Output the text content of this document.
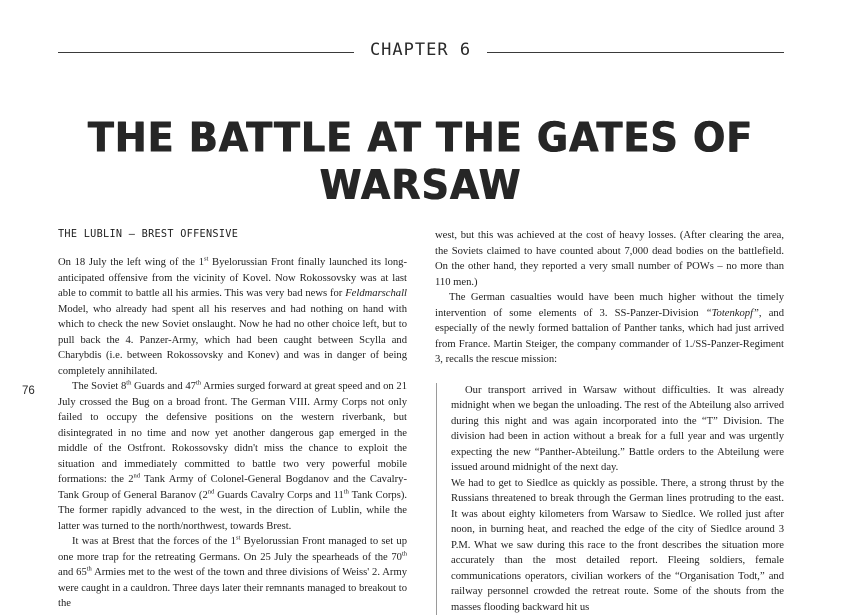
CHAPTER 6
THE BATTLE AT THE GATES OF WARSAW
76
THE LUBLIN – BREST OFFENSIVE

On 18 July the left wing of the 1st Byelorussian Front finally launched its long-anticipated offensive from the vicinity of Kovel. Now Rokossovsky was at last able to commit to battle all his armies. This was very bad news for Feldmarschall Model, who already had spent all his reserves and had nothing on hand with which to check the new Soviet onslaught. Now he had no other choice left, but to pull back the 4. Panzer-Army, which had been caught between Scylla and Charybdis (i.e. between Rokossovsky and Konev) and was in danger of being completely annihilated.

The Soviet 8th Guards and 47th Armies surged forward at great speed and on 21 July crossed the Bug on a broad front. The German VIII. Army Corps not only failed to occupy the defensive positions on the western riverbank, but disintegrated in no time and now yet another dangerous gap emerged in the middle of the Ostfront. Rokossovsky didn't miss the chance to exploit the situation and immediately committed to battle two very powerful mobile formations: the 2nd Tank Army of Colonel-General Bogdanov and the Cavalry-Tank Group of General Baranov (2nd Guards Cavalry Corps and 11th Tank Corps). The former rapidly advanced to the west, in the direction of Lublin, while the latter was turned to the north/northwest, towards Brest.

It was at Brest that the forces of the 1st Byelorussian Front managed to set up one more trap for the retreating Germans. On 25 July the spearheads of the 70th and 65th Armies met to the west of the town and three divisions of Weiss' 2. Army were caught in a cauldron. Three days later their remnants managed to breakout to the

west, but this was achieved at the cost of heavy losses. (After clearing the area, the Soviets claimed to have counted about 7,000 dead bodies on the battlefield. On the other hand, they reported a very small number of POWs – no more than 110 men.)

The German casualties would have been much higher without the timely intervention of some elements of 3. SS-Panzer-Division “Totenkopf”, and especially of the newly formed battalion of Panther tanks, which had just arrived from France. Martin Steiger, the company commander of 1./SS-Panzer-Regiment 3, recalls the rescue mission:

Our transport arrived in Warsaw without difficulties. It was already midnight when we began the unloading. The rest of the Abteilung also arrived during this night and was again incorporated into the “T” Division. The division had been in action without a break for a full year and was urgently expecting the new “Panther-Abteilung.” Battle orders to the Abteilung were issued around midnight of the next day.

We had to get to Siedlce as quickly as possible. There, a strong thrust by the Russians threatened to break through the German lines protruding to the east. It was about eighty kilometers from Warsaw to Siedlce. We rolled just after noon, in burning heat, and reached the edge of the city of Siedlce around 3 P.M. What we saw during this race to the front describes the situation more accurately than the most detailed report. Fleeing soldiers, female communications operators, civilian workers of the “Organisation Todt,” and railway personnel crowded the retreat route. Some of the shouts from the masses flooding backward hit us
